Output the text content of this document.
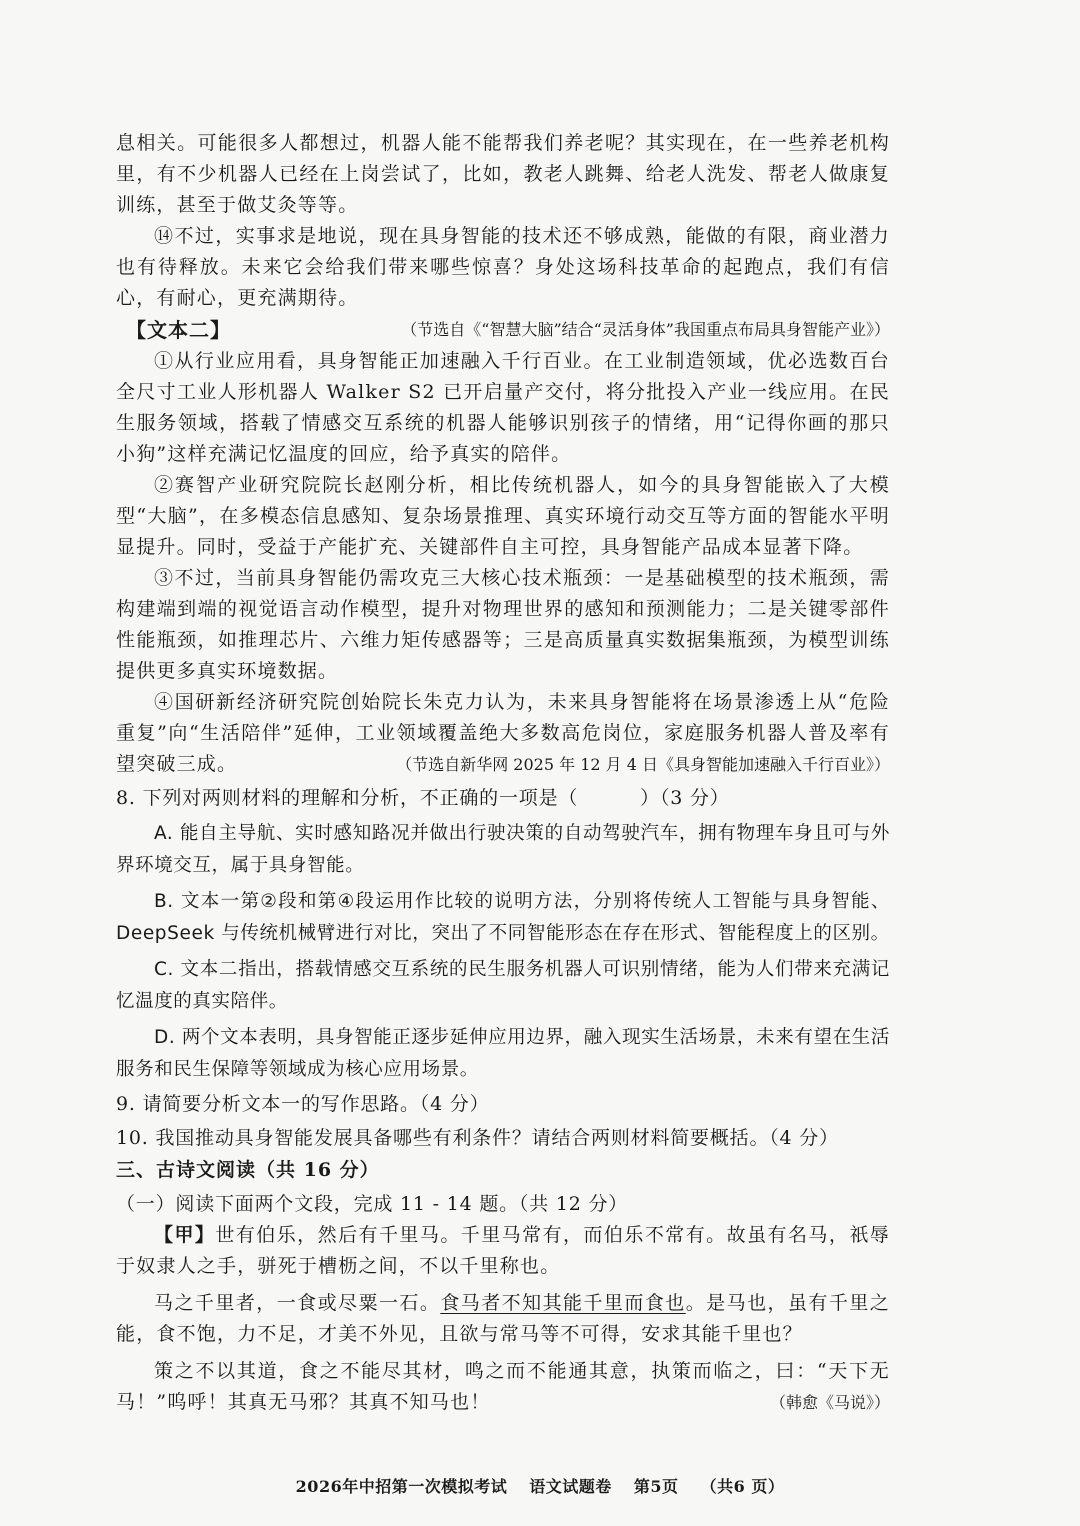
息相关。可能很多人都想过，机器人能不能帮我们养老呢？其实现在，在一些养老机构里，有不少机器人已经在上岗尝试了，比如，教老人跳舞、给老人洗发、帮老人做康复训练，甚至于做艾灸等等。

⑭不过，实事求是地说，现在具身智能的技术还不够成熟，能做的有限，商业潜力也有待释放。未来它会给我们带来哪些惊喜？身处这场科技革命的起跑点，我们有信心，有耐心，更充满期待。
（节选自《“智慧大脑”结合“灵活身体”我国重点布局具身智能产业》）

【文本二】

①从行业应用看，具身智能正加速融入千行百业。在工业制造领域，优必选数百台全尺寸工业人形机器人 Walker S2 已开启量产交付，将分批投入产业一线应用。在民生服务领域，搭载了情感交互系统的机器人能够识别孩子的情绪，用“记得你画的那只小狗”这样充满记忆温度的回应，给予真实的陪伴。

②赛智产业研究院院长赵刚分析，相比传统机器人，如今的具身智能嵌入了大模型“大脑”，在多模态信息感知、复杂场景推理、真实环境行动交互等方面的智能水平明显提升。同时，受益于产能扩充、关键部件自主可控，具身智能产品成本显著下降。

③不过，当前具身智能仍需攻克三大核心技术瓶颈：一是基础模型的技术瓶颈，需构建端到端的视觉语言动作模型，提升对物理世界的感知和预测能力；二是关键零部件性能瓶颈，如推理芯片、六维力矩传感器等；三是高质量真实数据集瓶颈，为模型训练提供更多真实环境数据。

④国研新经济研究院创始院长朱克力认为，未来具身智能将在场景渗透上从“危险重复”向“生活陪伴”延伸，工业领域覆盖绝大多数高危岗位，家庭服务机器人普及率有望突破三成。	（节选自新华网 2025 年 12 月 4 日《具身智能加速融入千行百业》）

8. 下列对两则材料的理解和分析，不正确的一项是（	）（3 分）

A. 能自主导航、实时感知路况并做出行驶决策的自动驾驶汽车，拥有物理车身且可与外界环境交互，属于具身智能。

B. 文本一第②段和第④段运用作比较的说明方法，分别将传统人工智能与具身智能、DeepSeek 与传统机械臂进行对比，突出了不同智能形态在存在形式、智能程度上的区别。

C. 文本二指出，搭载情感交互系统的民生服务机器人可识别情绪，能为人们带来充满记忆温度的真实陪伴。

D. 两个文本表明，具身智能正逐步延伸应用边界，融入现实生活场景，未来有望在生活服务和民生保障等领域成为核心应用场景。

9. 请简要分析文本一的写作思路。（4 分）

10. 我国推动具身智能发展具备哪些有利条件？请结合两则材料简要概括。（4 分）

三、古诗文阅读（共 16 分）

（一）阅读下面两个文段，完成 11 - 14 题。（共 12 分）

【甲】世有伯乐，然后有千里马。千里马常有，而伯乐不常有。故虽有名马，祇辱于奴隶人之手，骈死于槽枥之间，不以千里称也。

马之千里者，一食或尽粟一石。食马者不知其能千里而食也。是马也，虽有千里之能，食不饱，力不足，才美不外见，且欲与常马等不可得，安求其能千里也？

策之不以其道，食之不能尽其材，鸣之而不能通其意，执策而临之，曰：“天下无马！”呜呼！其真无马邪？其真不知马也！	（韩愈《马说》）

2026年中招第一次模拟考试 语文试题卷 第5页 （共6 页）
